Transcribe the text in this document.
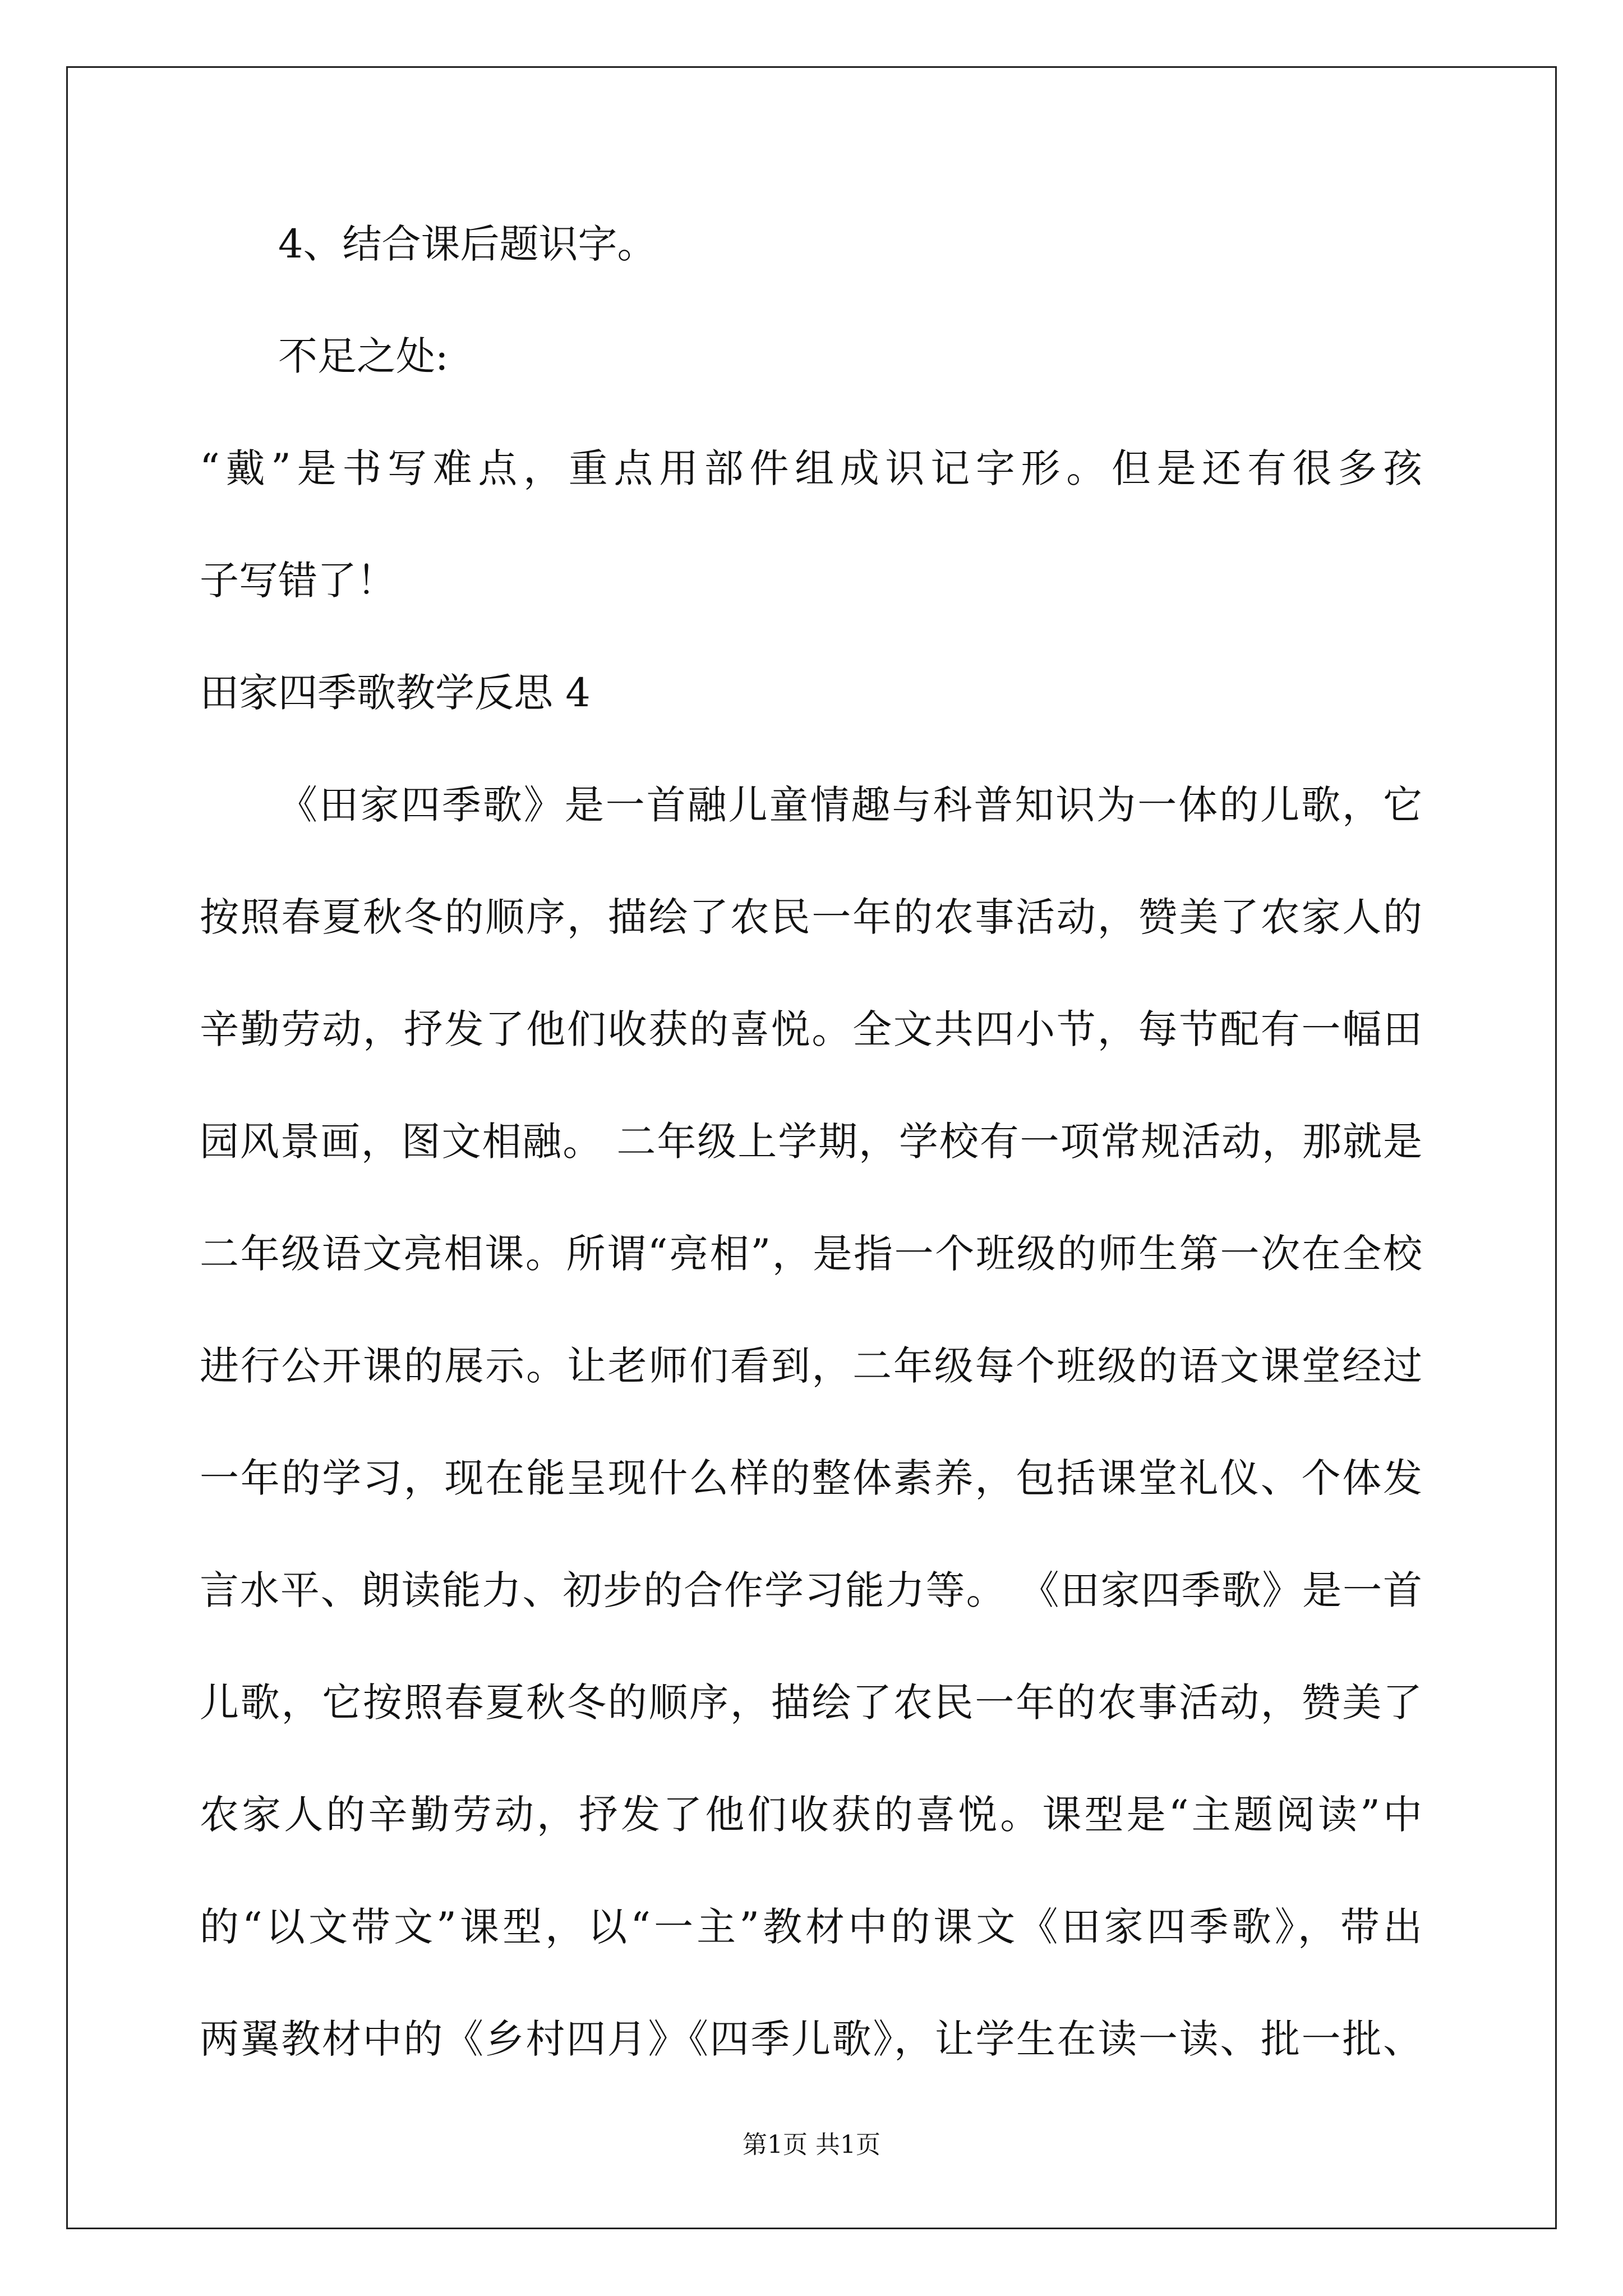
4、结合课后题识字。
不足之处:
“戴”是书写难点，重点用部件组成识记字形。但是还有很多孩
子写错了！
田家四季歌教学反思 4
《田家四季歌》是一首融儿童情趣与科普知识为一体的儿歌，它
按照春夏秋冬的顺序，描绘了农民一年的农事活动，赞美了农家人的
辛勤劳动，抒发了他们收获的喜悦。全文共四小节，每节配有一幅田
园风景画，图文相融。 二年级上学期，学校有一项常规活动，那就是
二年级语文亮相课。所谓“亮相”，是指一个班级的师生第一次在全校
进行公开课的展示。让老师们看到，二年级每个班级的语文课堂经过
一年的学习，现在能呈现什么样的整体素养，包括课堂礼仪、个体发
言水平、朗读能力、初步的合作学习能力等。 《田家四季歌》是一首
儿歌，它按照春夏秋冬的顺序，描绘了农民一年的农事活动，赞美了
农家人的辛勤劳动，抒发了他们收获的喜悦。课型是“主题阅读”中
的“以文带文”课型，以“一主”教材中的课文《田家四季歌》，带出
两翼教材中的《乡村四月》《四季儿歌》，让学生在读一读、批一批、
第1页 共1页
